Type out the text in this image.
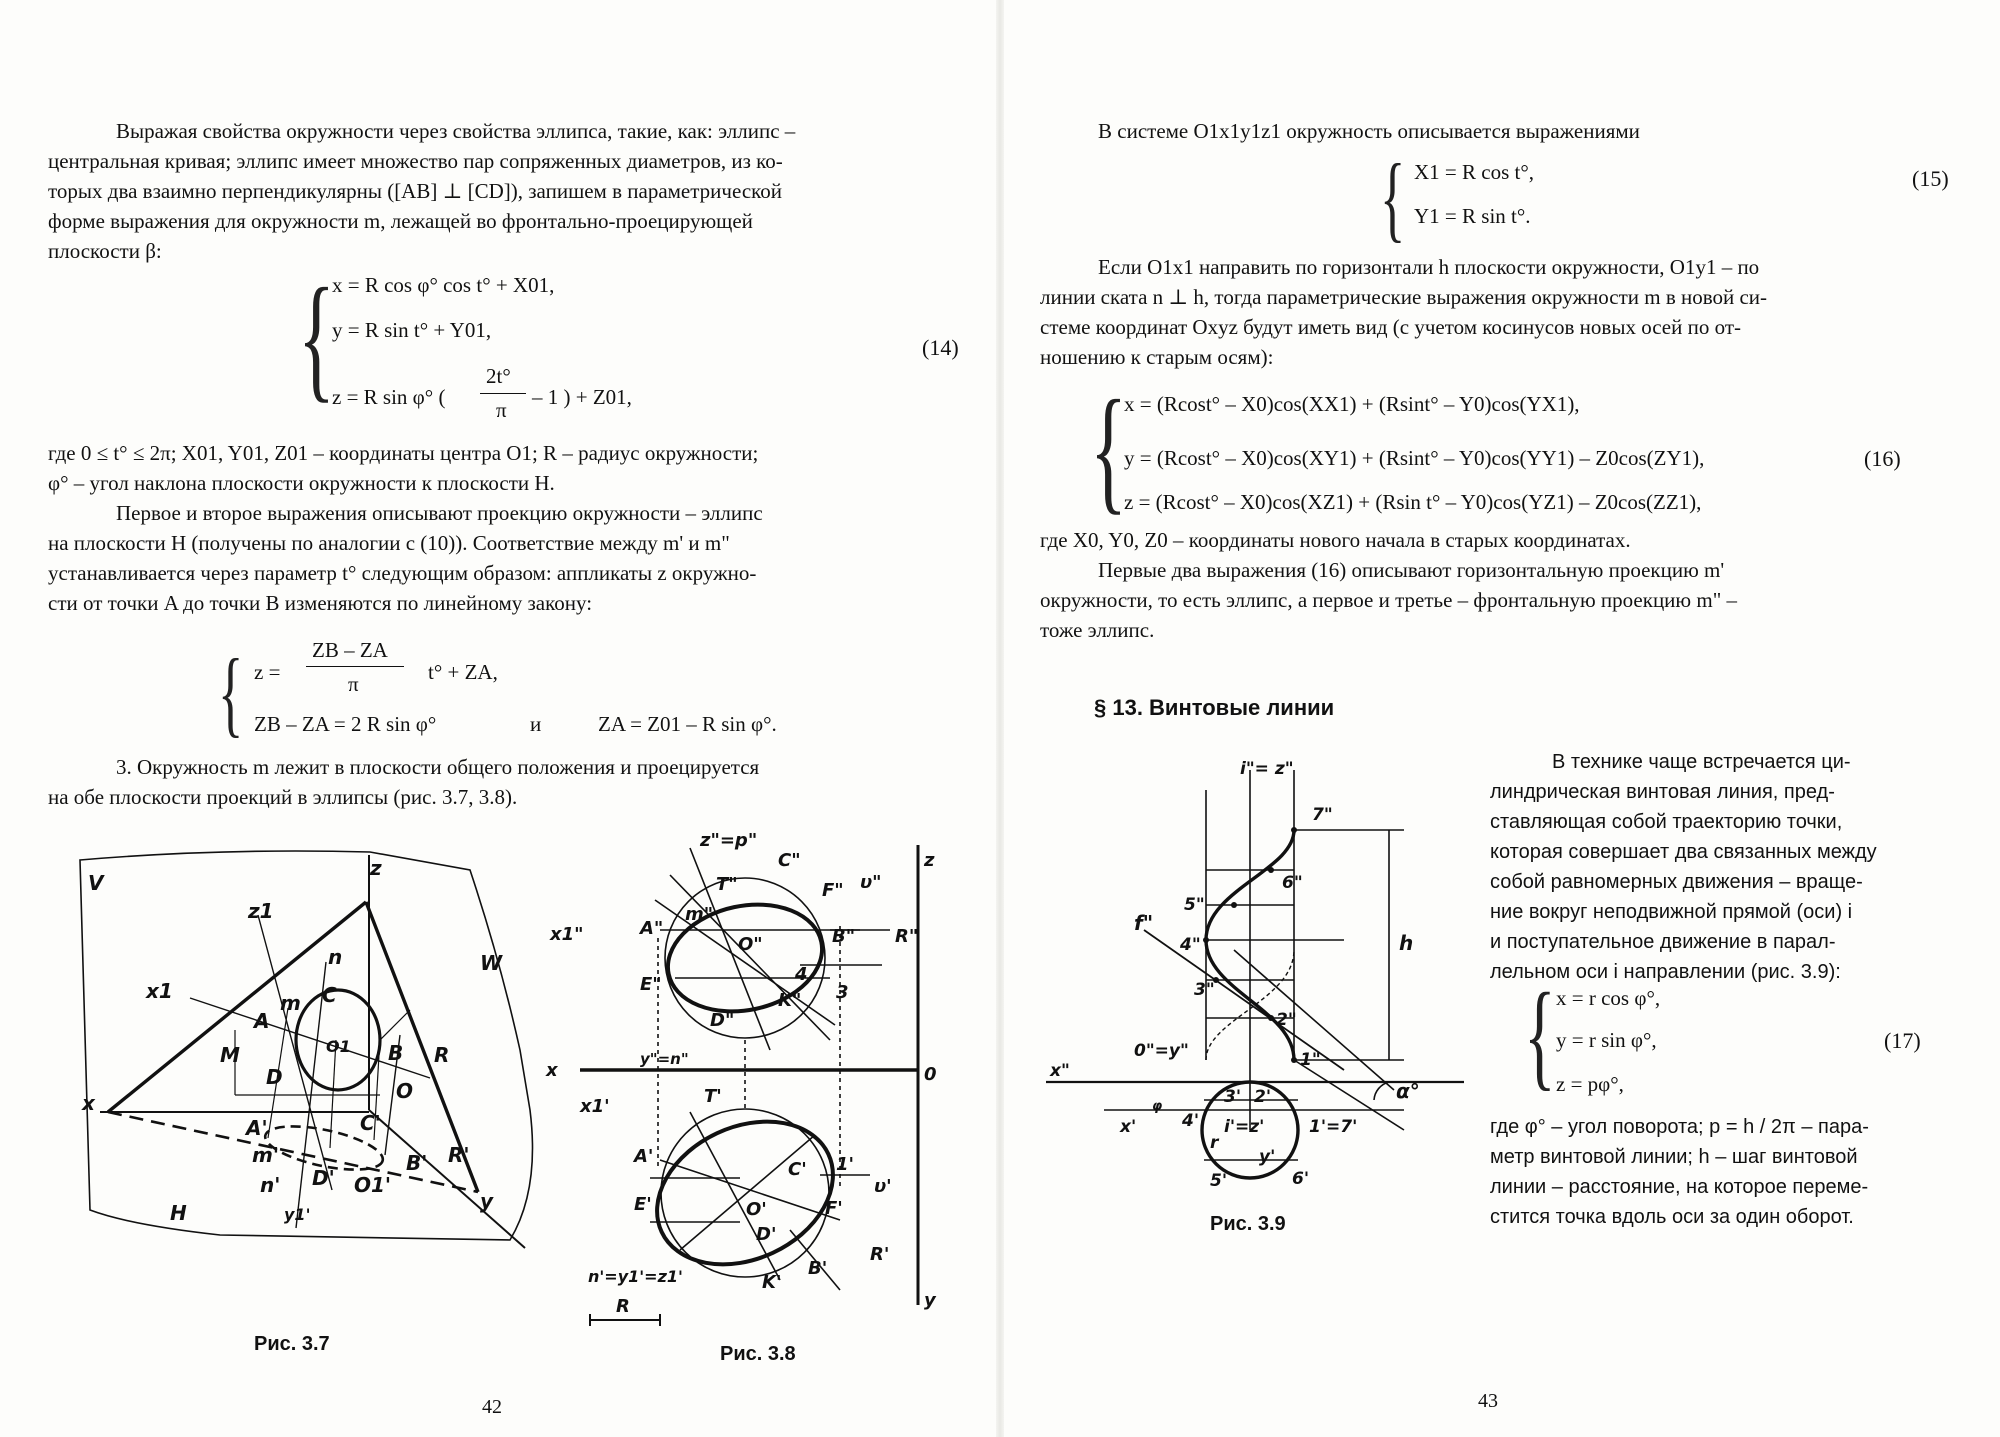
Выражая свойства окружности через свойства эллипса, такие, как: эллипс –
центральная кривая; эллипс имеет множество пар сопряженных диаметров, из ко-
торых два взаимно перпендикулярны ([AB] ⊥ [CD]), запишем в параметрической
форме выражения для окружности m, лежащей во фронтально-проецирующей
плоскости β:
{
x = R cos φ° cos t° + X01,
y = R sin t° + Y01,
z = R sin φ° (
2t°
π
– 1 ) + Z01,
(14)
где 0 ≤ t° ≤ 2π; X01, Y01, Z01 – координаты центра O1; R – радиус окружности;
φ° – угол наклона плоскости окружности к плоскости H.
Первое и второе выражения описывают проекцию окружности – эллипс
на плоскости H (получены по аналогии с (10)). Соответствие между m' и m"
устанавливается через параметр t° следующим образом: аппликаты z окружно-
сти от точки A до точки B изменяются по линейному закону:
{ z =
ZB – ZA
π	t° + ZA,
ZB – ZA = 2 R sin φ°	и	ZA = Z01 – R sin φ°.
3. Окружность m лежит в плоскости общего положения и проецируется
на обе плоскости проекций в эллипсы (рис. 3.7, 3.8).
V
W
H
z
x
y
z1
x1
n
m
A
C
B
M
D
O1	R
O
A'	C'
m'
n' D' O1'
B' R'
y1'
Рис. 3.7
z"=p"
C"
T"	F" υ"
A"
m"
O"	B" R"
x1"
E"
D"
K"
4
3
z
x	0
y"=n"
x1'	T'
A'
C' 1'
υ'
E'	O'	F'
D'
R'
B'
K'
n'=y1'=z1'
R	y
Рис. 3.8
42
В системе O1x1y1z1 окружность описывается выражениями
{ X1 = R cos t°,
Y1 = R sin t°.
(15)
Если O1x1 направить по горизонтали h плоскости окружности, O1y1 – по
линии ската n ⊥ h, тогда параметрические выражения окружности m в новой си-
стеме координат Oxyz будут иметь вид (с учетом косинусов новых осей по от-
ношению к старым осям):
{
x = (Rcost° – X0)cos(XX1) + (Rsint° – Y0)cos(YX1),
y = (Rcost° – X0)cos(XY1) + (Rsint° – Y0)cos(YY1) – Z0cos(ZY1),
z = (Rcost° – X0)cos(XZ1) + (Rsin t° – Y0)cos(YZ1) – Z0cos(ZZ1),
(16)
где X0, Y0, Z0 – координаты нового начала в старых координатах.
Первые два выражения (16) описывают горизонтальную проекцию m'
окружности, то есть эллипс, а первое и третье – фронтальную проекцию m" –
тоже эллипс.
§ 13. Винтовые линии
В технике чаще встречается ци-
линдрическая винтовая линия, пред-
ставляющая собой траекторию точки,
которая совершает два связанных между
собой равномерных движения – враще-
ние вокруг неподвижной прямой (оси) i
и поступательное движение в парал-
лельном оси i направлении (рис. 3.9):
{ x = r cos φ°,
y = r sin φ°,
z = pφ°,
(17)
где φ° – угол поворота; p = h / 2π – пара-
метр винтовой линии; h – шаг винтовой
линии – расстояние, на которое переме-
стится точка вдоль оси за один оборот.
i"= z"
7"
6"
5"
f"
4"
3"
2"
1"
0"=y"
h
x"
x'
φ
4'
3' 2'
i'=z'
r
1'=7'
5'	6'
y'
α°
Рис. 3.9
43
